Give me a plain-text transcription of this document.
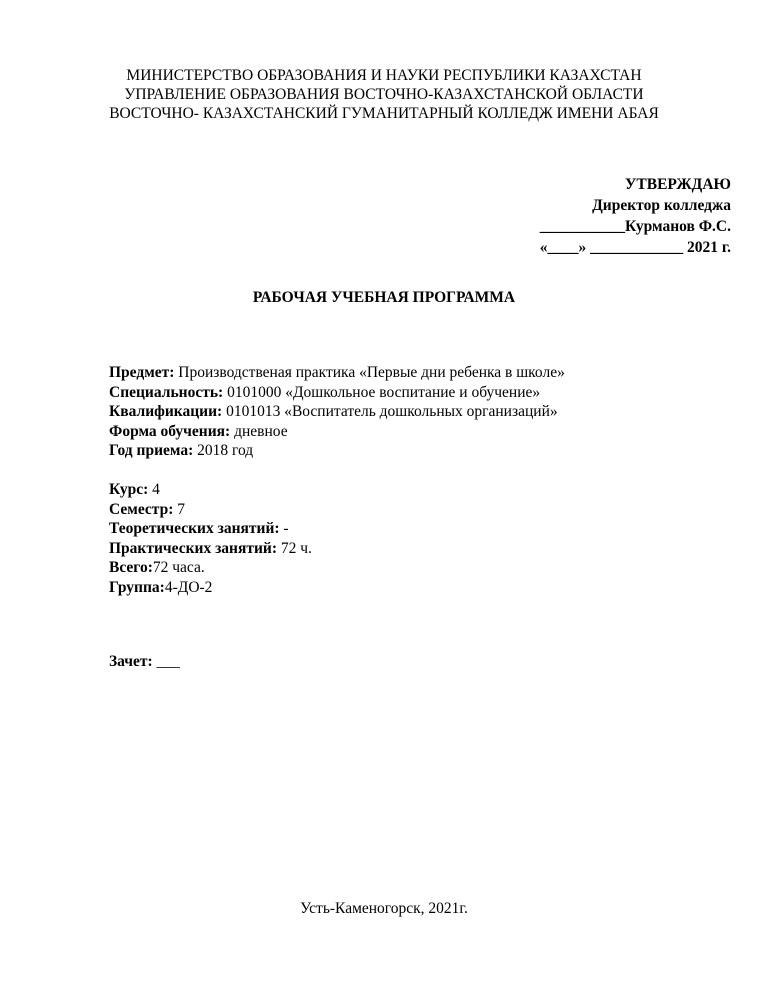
МИНИСТЕРСТВО ОБРАЗОВАНИЯ И НАУКИ РЕСПУБЛИКИ КАЗАХСТАН
УПРАВЛЕНИЕ ОБРАЗОВАНИЯ ВОСТОЧНО-КАЗАХСТАНСКОЙ ОБЛАСТИ
ВОСТОЧНО- КАЗАХСТАНСКИЙ ГУМАНИТАРНЫЙ КОЛЛЕДЖ ИМЕНИ АБАЯ
УТВЕРЖДАЮ
Директор колледжа
___________Курманов Ф.С.
«____» ____________ 2021 г.
РАБОЧАЯ УЧЕБНАЯ ПРОГРАММА
Предмет: Производственая практика «Первые дни ребенка в школе»
Специальность: 0101000 «Дошкольное воспитание и обучение»
Квалификации: 0101013 «Воспитатель дошкольных организаций»
Форма обучения: дневное
Год приема: 2018 год
Курс: 4
Семестр: 7
Теоретических занятий: -
Практических занятий: 72 ч.
Всего:72 часа.
Группа:4-ДО-2
Зачет: ___
Усть-Каменогорск, 2021г.
